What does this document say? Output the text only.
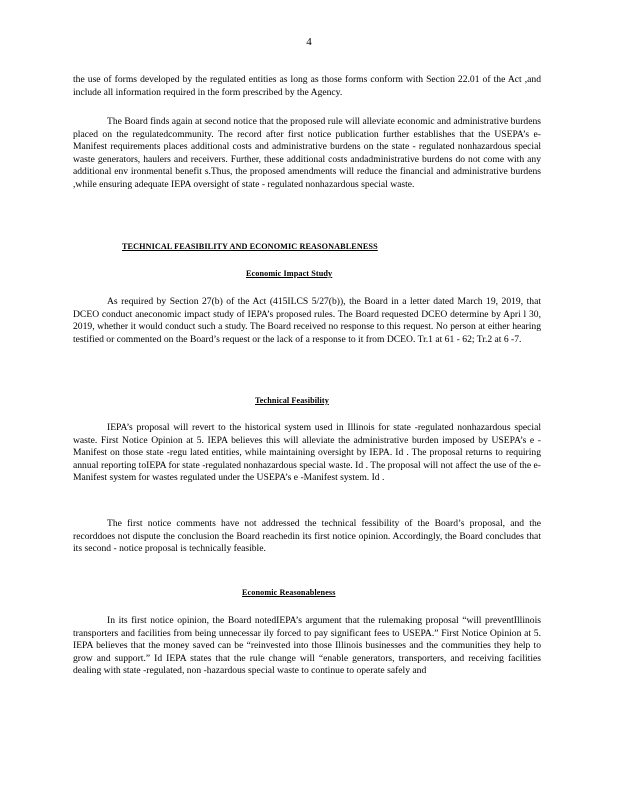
4

the use of forms developed by the regulated entities as long as those forms conform with Section 22.01 of the Act ,and include all information required in the form prescribed by the Agency.

The Board finds again at second notice that the proposed rule will alleviate economic and administrative burdens placed on the regulatedcommunity. The record after first notice publication further establishes that the USEPA’s e- Manifest requirements places additional costs and administrative burdens on the state - regulated nonhazardous special waste generators, haulers and receivers. Further, these additional costs andadministrative burdens do not come with any additional env ironmental benefit s.Thus, the proposed amendments will reduce the financial and administrative burdens ,while ensuring adequate IEPA oversight of state - regulated nonhazardous special waste.

TECHNICAL FEASIBILITY AND ECONOMIC REASONABLENESS
Economic Impact Study

As required by Section 27(b) of the Act (415ILCS 5/27(b)), the Board in a letter dated March 19, 2019, that DCEO conduct aneconomic impact study of IEPA’s proposed rules. The Board requested DCEO determine by Apri l 30, 2019, whether it would conduct such a study. The Board received no response to this request. No person at either hearing testified or commented on the Board’s request or the lack of a response to it from DCEO. Tr.1 at 61 - 62; Tr.2 at 6 -7.

Technical Feasibility

IEPA’s proposal will revert to the historical system used in Illinois for state -regulated nonhazardous special waste. First Notice Opinion at 5. IEPA believes this will alleviate the administrative burden imposed by USEPA’s e -Manifest on those state -regu lated entities, while maintaining oversight by IEPA. Id . The proposal returns to requiring annual reporting toIEPA for state -regulated nonhazardous special waste. Id . The proposal will not affect the use of the e-Manifest system for wastes regulated under the USEPA’s e -Manifest system. Id .

The first notice comments have not addressed the technical fessibility of the Board’s proposal, and the recorddoes not dispute the conclusion the Board reachedin its first notice opinion. Accordingly, the Board concludes that its second - notice proposal is technically feasible.

Economic Reasonableness

In its first notice opinion, the Board notedIEPA’s argument that the rulemaking proposal “will preventIllinois transporters and facilities from being unnecessar ily forced to pay significant fees to USEPA.” First Notice Opinion at 5. IEPA believes that the money saved can be “reinvested into those Illinois businesses and the communities they help to grow and support.” Id IEPA states that the rule change will “enable generators, transporters, and receiving facilities dealing with state -regulated, non -hazardous special waste to continue to operate safely and
